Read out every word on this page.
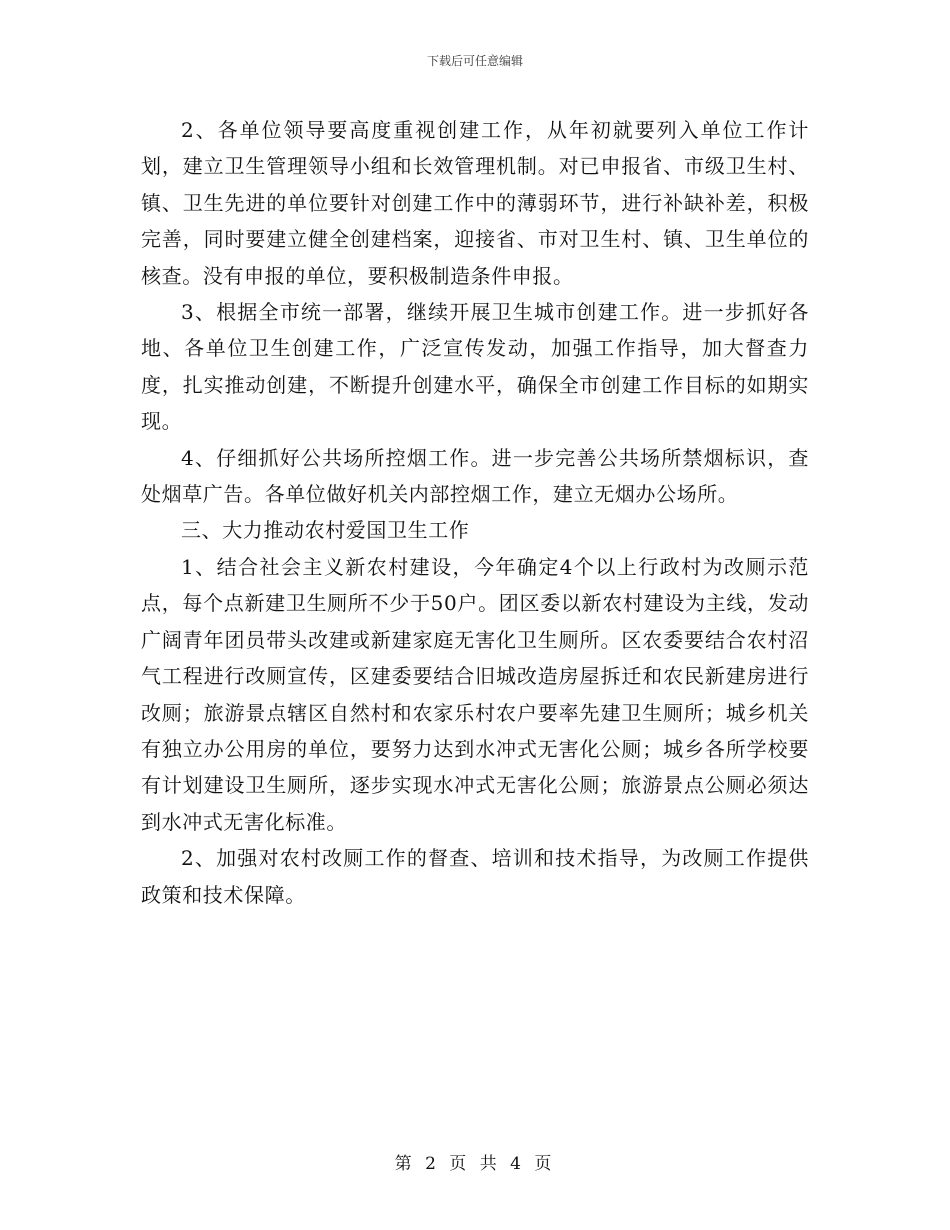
下载后可任意编辑

2、各单位领导要高度重视创建工作，从年初就要列入单位工作计划，建立卫生管理领导小组和长效管理机制。对已申报省、市级卫生村、镇、卫生先进的单位要针对创建工作中的薄弱环节，进行补缺补差，积极完善，同时要建立健全创建档案，迎接省、市对卫生村、镇、卫生单位的核查。没有申报的单位，要积极制造条件申报。

3、根据全市统一部署，继续开展卫生城市创建工作。进一步抓好各地、各单位卫生创建工作，广泛宣传发动，加强工作指导，加大督查力度，扎实推动创建，不断提升创建水平，确保全市创建工作目标的如期实现。

4、仔细抓好公共场所控烟工作。进一步完善公共场所禁烟标识，查处烟草广告。各单位做好机关内部控烟工作，建立无烟办公场所。

三、大力推动农村爱国卫生工作

1、结合社会主义新农村建设，今年确定4个以上行政村为改厕示范点，每个点新建卫生厕所不少于50户。团区委以新农村建设为主线，发动广阔青年团员带头改建或新建家庭无害化卫生厕所。区农委要结合农村沼气工程进行改厕宣传，区建委要结合旧城改造房屋拆迁和农民新建房进行改厕；旅游景点辖区自然村和农家乐村农户要率先建卫生厕所；城乡机关有独立办公用房的单位，要努力达到水冲式无害化公厕；城乡各所学校要有计划建设卫生厕所，逐步实现水冲式无害化公厕；旅游景点公厕必须达到水冲式无害化标准。

2、加强对农村改厕工作的督查、培训和技术指导，为改厕工作提供政策和技术保障。

第 2 页 共 4 页
